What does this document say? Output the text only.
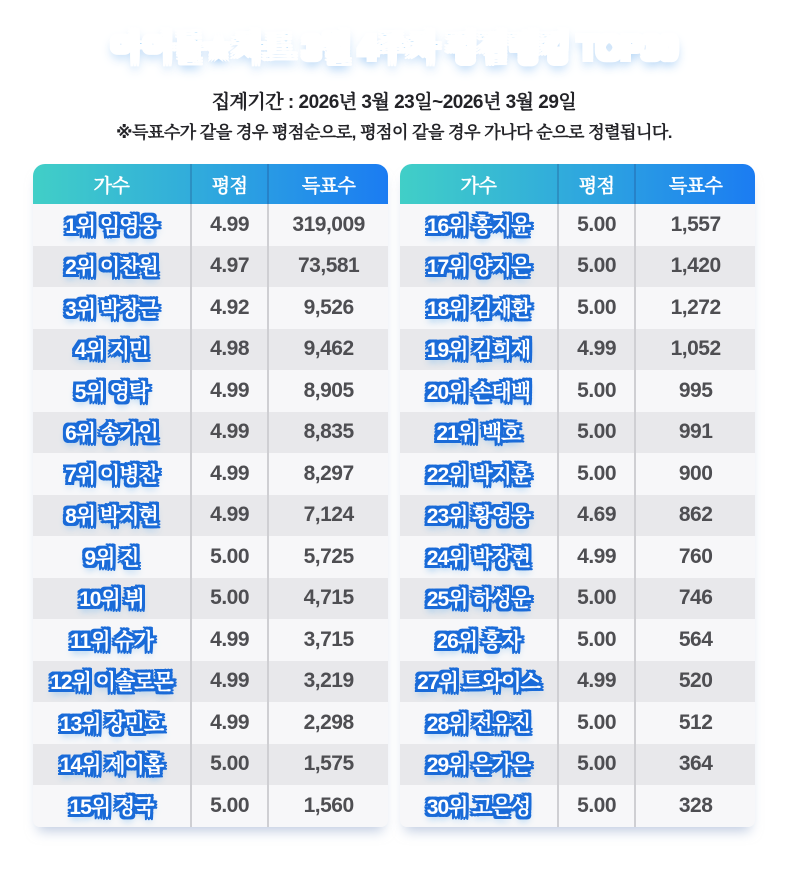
아이돌★차트 3월 4주차 평점랭킹 TOP30
집계기간 : 2026년 3월 23일~2026년 3월 29일
※득표수가 같을 경우 평점순으로, 평점이 같을 경우 가나다 순으로 정렬됩니다.
가수	평점	득표수
1위 임영웅	4.99	319,009
2위 이찬원	4.97	73,581
3위 박창근	4.92	9,526
4위 지민	4.98	9,462
5위 영탁	4.99	8,905
6위 송가인	4.99	8,835
7위 이병찬	4.99	8,297
8위 박지현	4.99	7,124
9위 진	5.00	5,725
10위 뷔	5.00	4,715
11위 슈가	4.99	3,715
12위 이솔로몬	4.99	3,219
13위 장민호	4.99	2,298
14위 제이홉	5.00	1,575
15위 정국	5.00	1,560
가수	평점	득표수
16위 홍지윤	5.00	1,557
17위 양지은	5.00	1,420
18위 김재환	5.00	1,272
19위 김희재	4.99	1,052
20위 손태백	5.00	995
21위 백호	5.00	991
22위 박지훈	5.00	900
23위 황영웅	4.69	862
24위 박장현	4.99	760
25위 하성운	5.00	746
26위 홍자	5.00	564
27위 트와이스	4.99	520
28위 전유진	5.00	512
29위 은가은	5.00	364
30위 고은성	5.00	328
